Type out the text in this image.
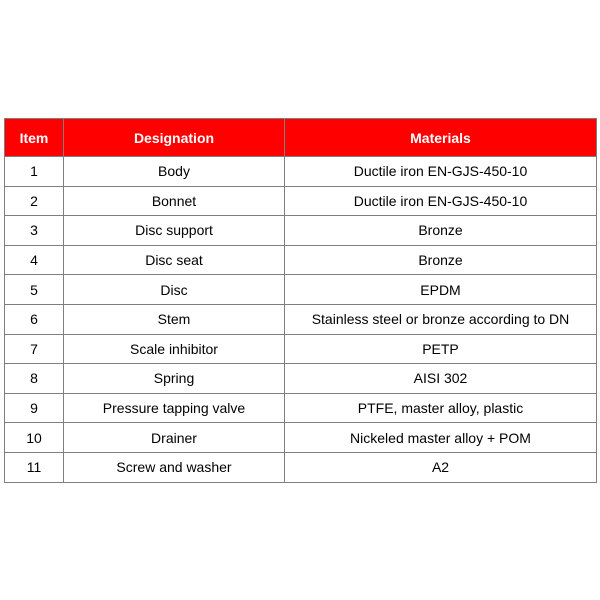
Item	Designation	Materials
1	Body	Ductile iron EN-GJS-450-10
2	Bonnet	Ductile iron EN-GJS-450-10
3	Disc support	Bronze
4	Disc seat	Bronze
5	Disc	EPDM
6	Stem	Stainless steel or bronze according to DN
7	Scale inhibitor	PETP
8	Spring	AISI 302
9	Pressure tapping valve	PTFE, master alloy, plastic
10	Drainer	Nickeled master alloy + POM
11	Screw and washer	A2
